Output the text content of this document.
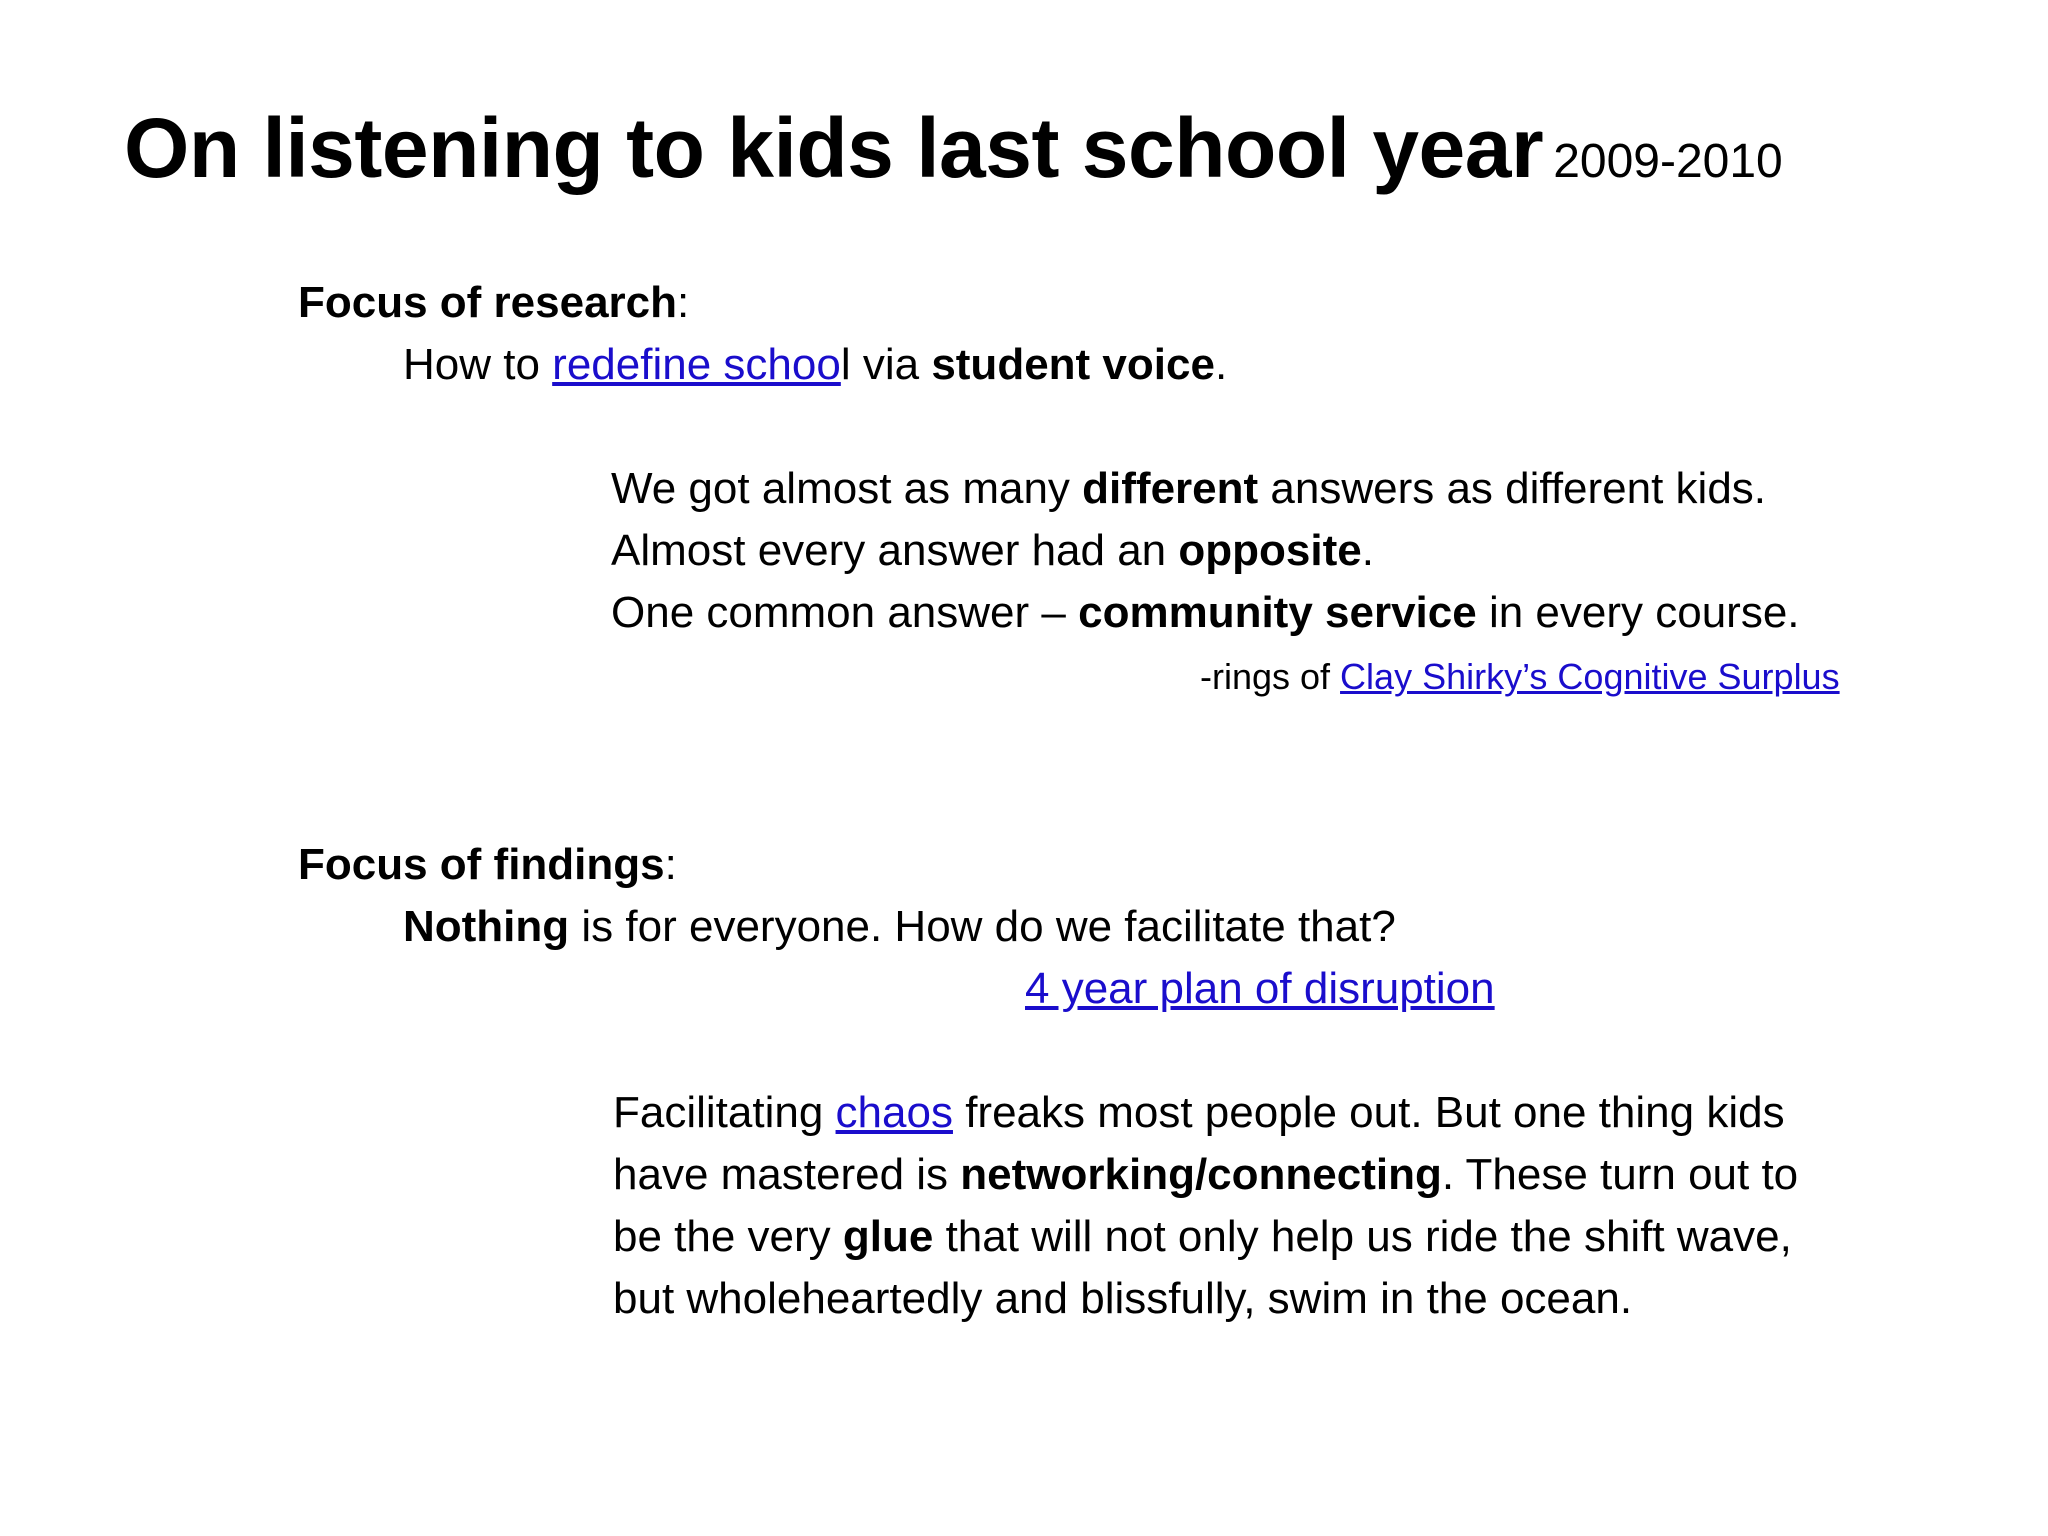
On listening to kids last school year 2009-2010

Focus of research:

How to redefine school via student voice.

We got almost as many different answers as different kids.
Almost every answer had an opposite.
One common answer – community service in every course.

-rings of Clay Shirky’s Cognitive Surplus

Focus of findings:

Nothing is for everyone. How do we facilitate that?

4 year plan of disruption

Facilitating chaos freaks most people out. But one thing kids
have mastered is networking/connecting. These turn out to
be the very glue that will not only help us ride the shift wave,
but wholeheartedly and blissfully, swim in the ocean.
